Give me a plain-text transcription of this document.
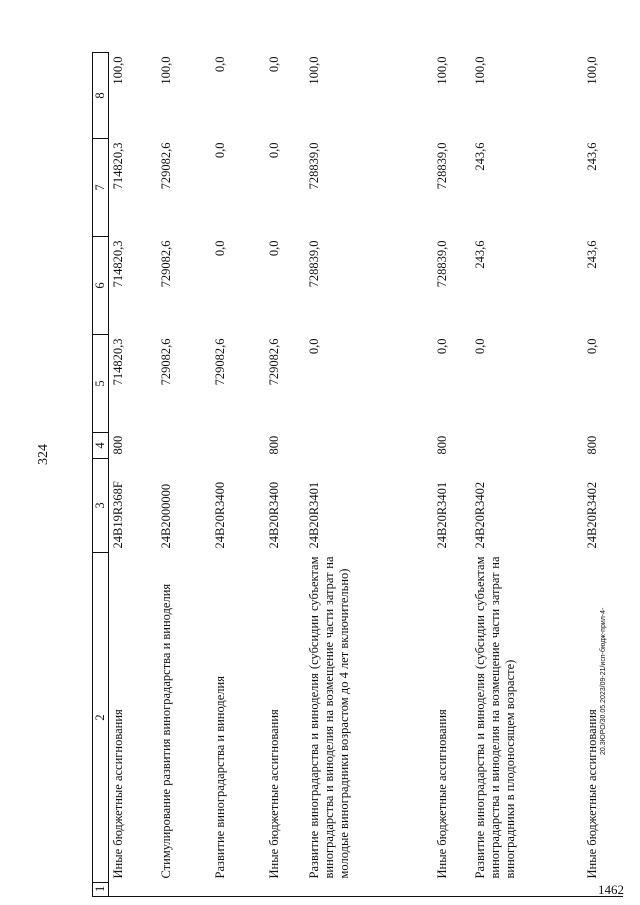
324
1	2	3	4	5	6	7	8
	Иные бюджетные ассигнования	24B19R368F	800	714820,3	714820,3	714820,3	100,0
	Стимулирование развития виноградарства и виноделия	24B2000000		729082,6	729082,6	729082,6	100,0
	Развитие виноградарства и виноделия	24B20R3400		729082,6	0,0	0,0	0,0
	Иные бюджетные ассигнования	24B20R3400	800	729082,6	0,0	0,0	0,0
	Развитие виноградарства и виноделия (субсидии субъектам виноградарства и виноделия на возмещение части затрат на молодые виноградники возрастом до 4 лет включительно)	24B20R3401		0,0	728839,0	728839,0	100,0
	Иные бюджетные ассигнования	24B20R3401	800	0,0	728839,0	728839,0	100,0
	Развитие виноградарства и виноделия (субсидии субъектам виноградарства и виноделия на возмещение части затрат на виноградники в плодоносящем возрасте)	24B20R3402		0,0	243,6	243,6	100,0
	Иные бюджетные ассигнования	24B20R3402	800	0,0	243,6	243,6	100,0
20.3ЮРО/30.05.2023/09-21/исп-бюдж-прил-4-
1462
